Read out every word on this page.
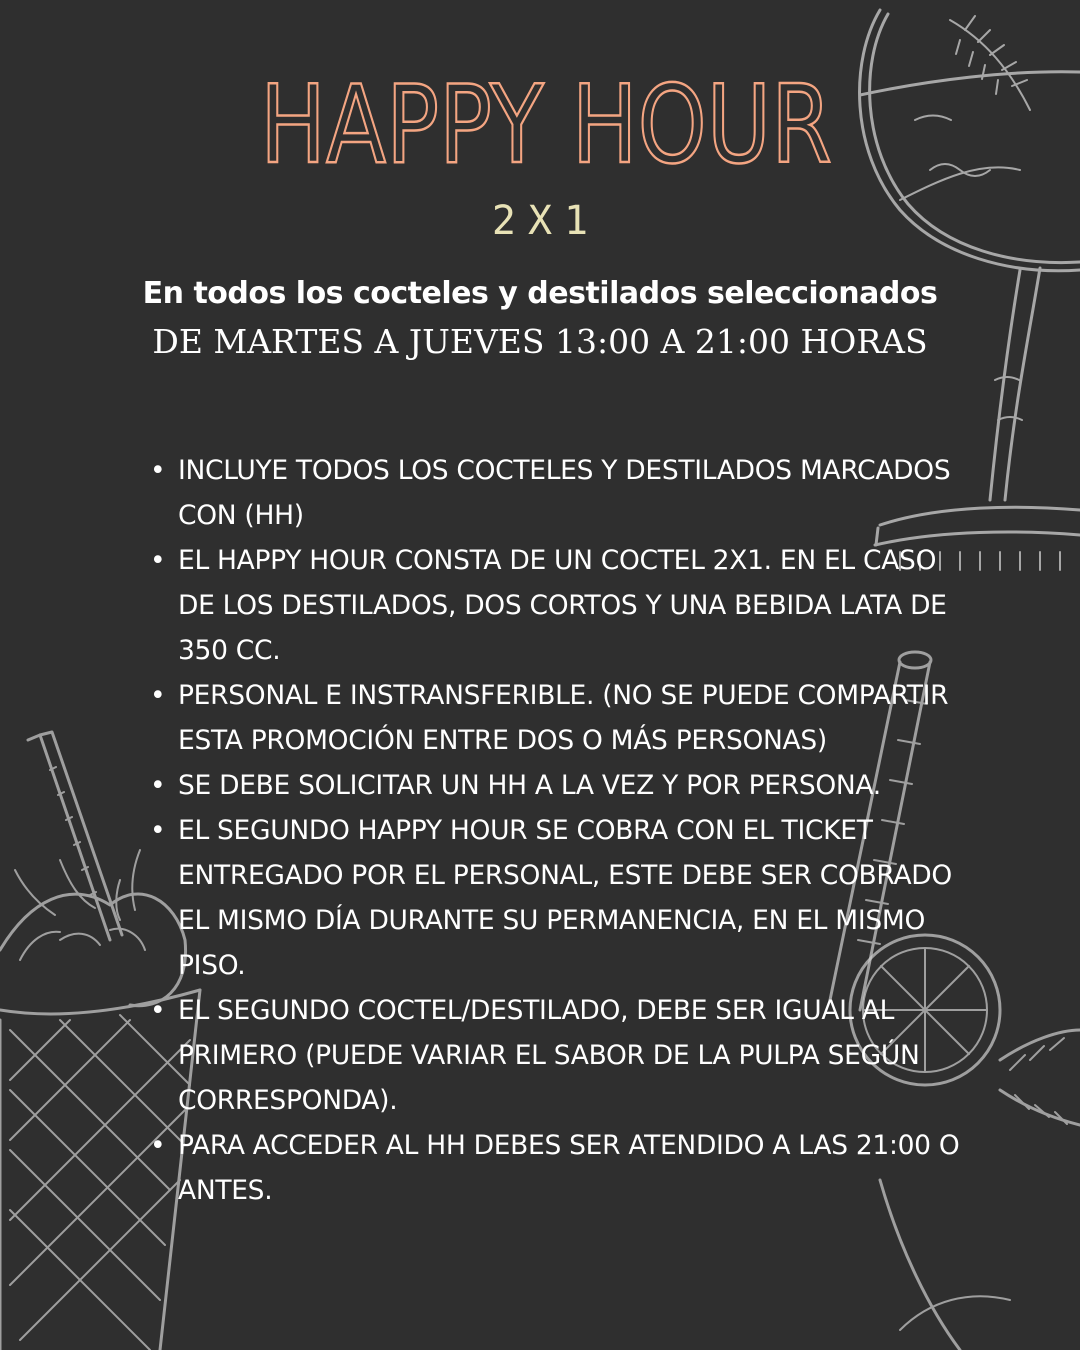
HAPPY HOUR
2X1
En todos los cocteles y destilados seleccionados
DE MARTES A JUEVES 13:00 A 21:00 HORAS
• INCLUYE TODOS LOS COCTELES Y DESTILADOS MARCADOS CON (HH)
• EL HAPPY HOUR CONSTA DE UN COCTEL 2X1. EN EL CASO DE LOS DESTILADOS, DOS CORTOS Y UNA BEBIDA LATA DE 350 CC.
• PERSONAL E INSTRANSFERIBLE. (NO SE PUEDE COMPARTIR ESTA PROMOCIÓN ENTRE DOS O MÁS PERSONAS)
• SE DEBE SOLICITAR UN HH A LA VEZ Y POR PERSONA.
• EL SEGUNDO HAPPY HOUR SE COBRA CON EL TICKET ENTREGADO POR EL PERSONAL, ESTE DEBE SER COBRADO EL MISMO DÍA DURANTE SU PERMANENCIA, EN EL MISMO PISO.
• EL SEGUNDO COCTEL/DESTILADO, DEBE SER IGUAL AL PRIMERO (PUEDE VARIAR EL SABOR DE LA PULPA SEGÚN CORRESPONDA).
• PARA ACCEDER AL HH DEBES SER ATENDIDO A LAS 21:00 O ANTES.
